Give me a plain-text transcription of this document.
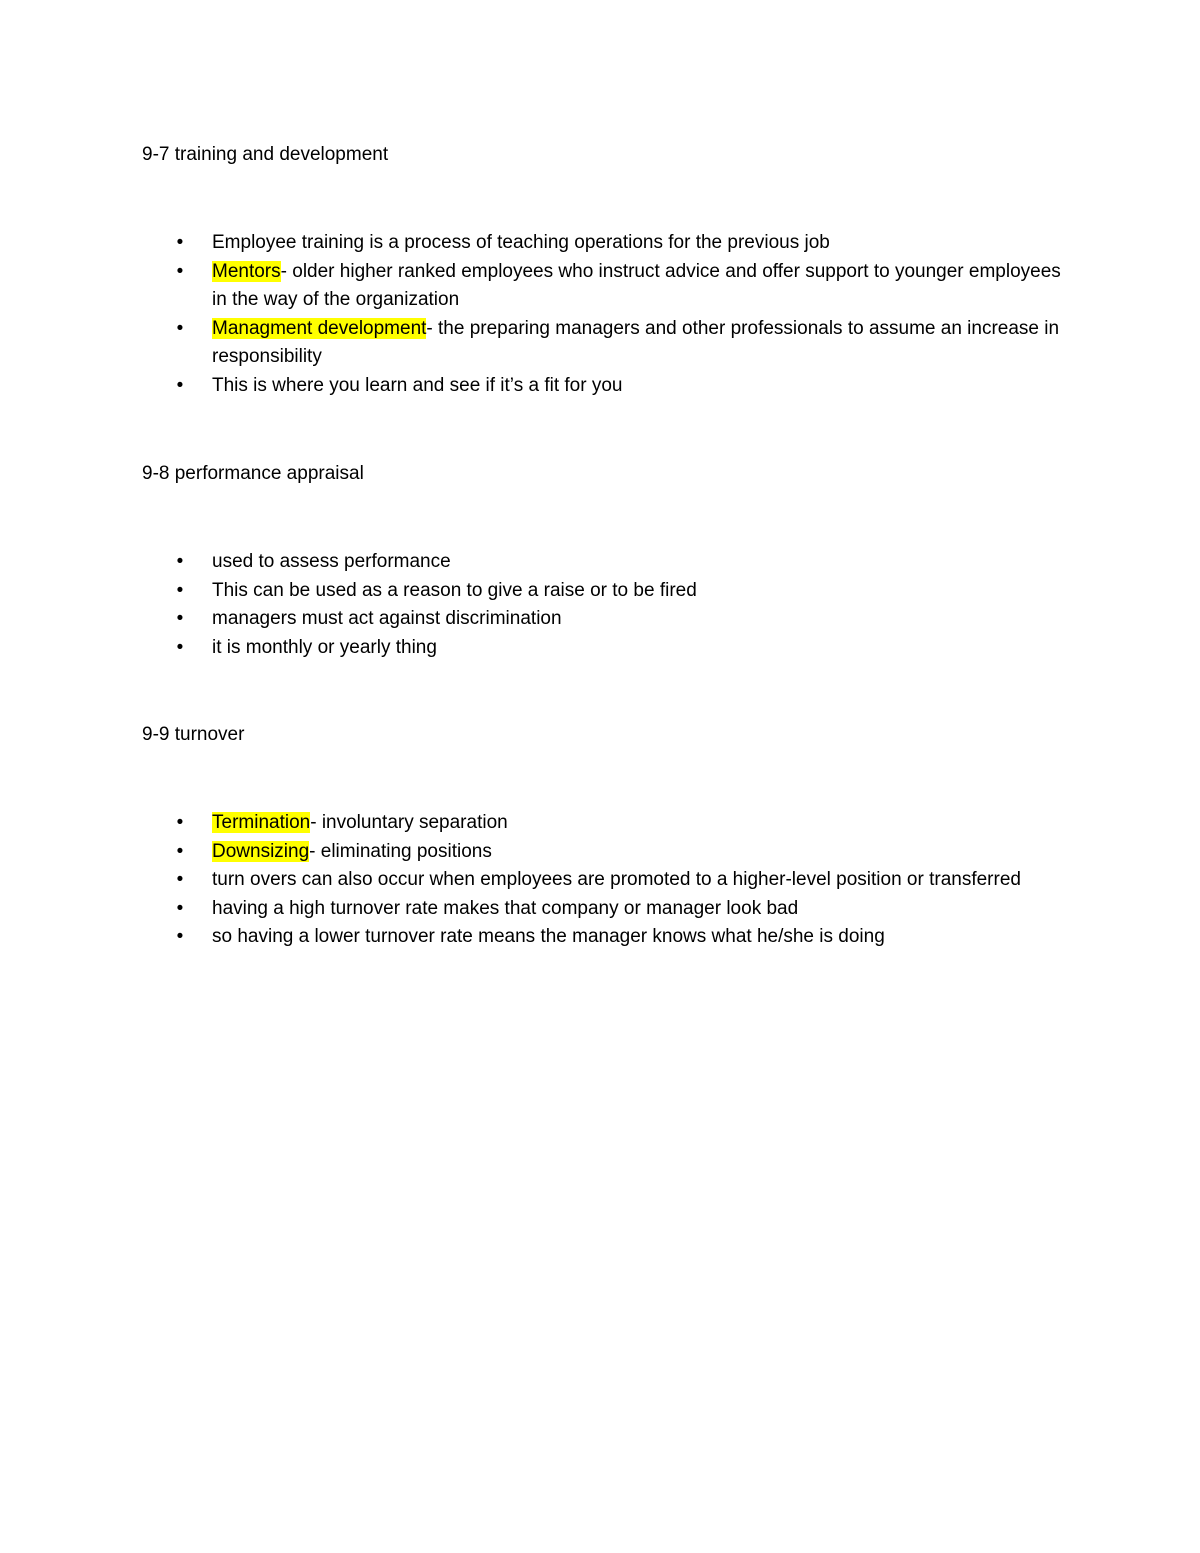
9-7 training and development
• Employee training is a process of teaching operations for the previous job
• Mentors- older higher ranked employees who instruct advice and offer support to younger employees in the way of the organization
• Managment development- the preparing managers and other professionals to assume an increase in responsibility
• This is where you learn and see if it’s a fit for you
9-8 performance appraisal
• used to assess performance
• This can be used as a reason to give a raise or to be fired
• managers must act against discrimination
• it is monthly or yearly thing
9-9 turnover
• Termination- involuntary separation
• Downsizing- eliminating positions
• turn overs can also occur when employees are promoted to a higher-level position or transferred
• having a high turnover rate makes that company or manager look bad
• so having a lower turnover rate means the manager knows what he/she is doing
